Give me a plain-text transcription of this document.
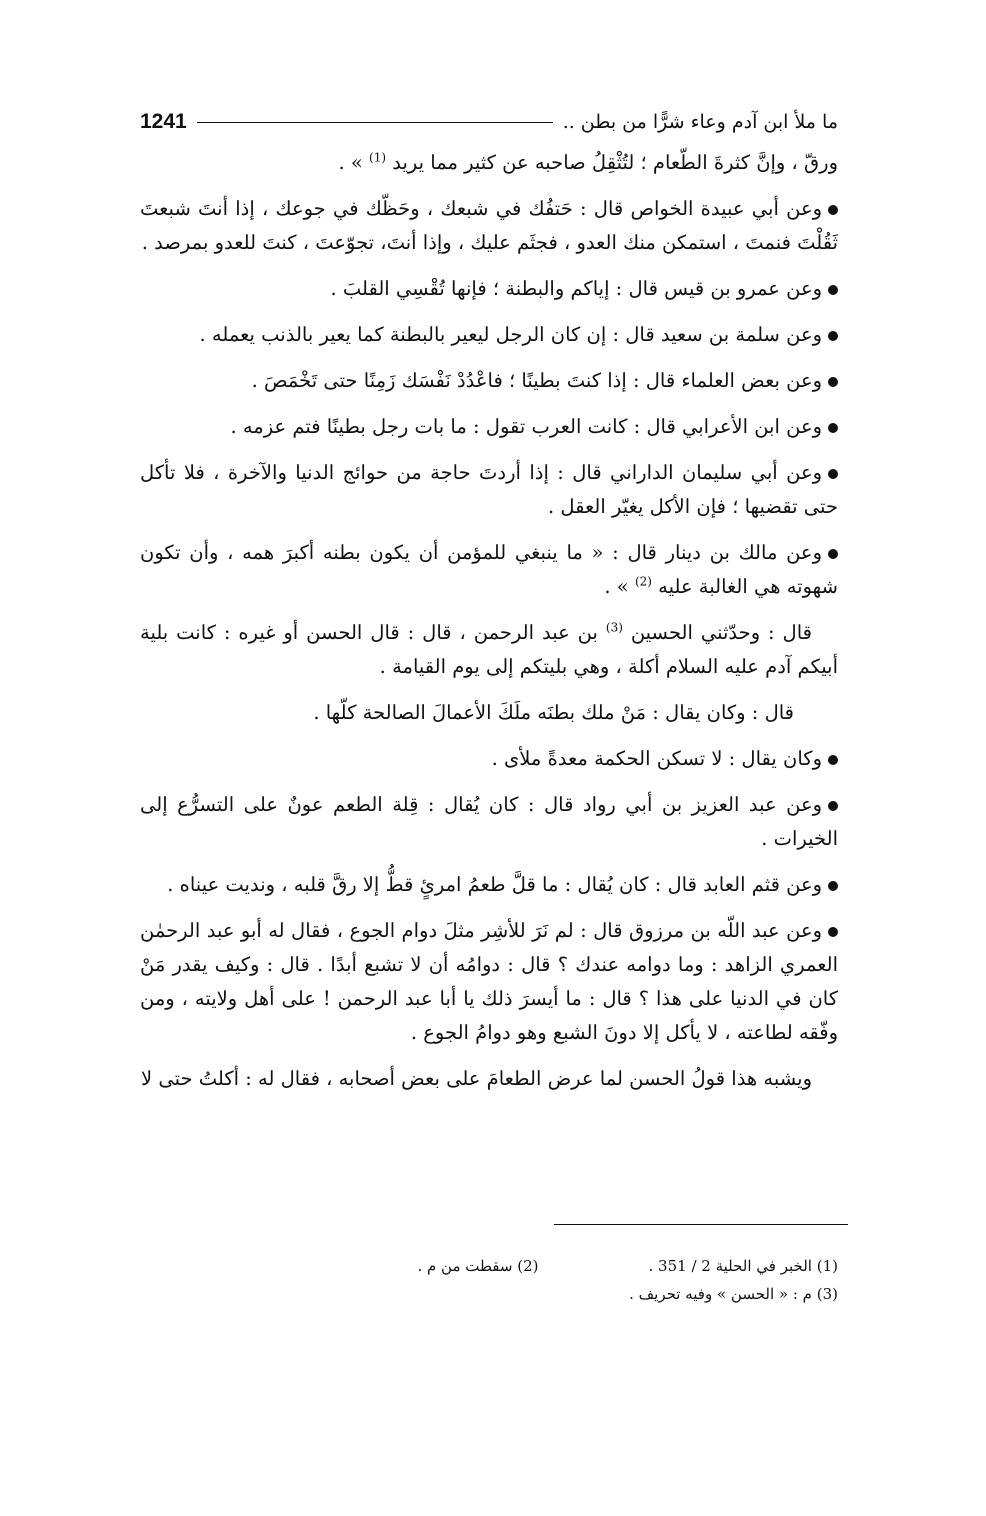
ما ملأ ابن آدم وعاء شرًّا من بطن ..
1241

ورقّ ، وإنَّ كثرةَ الطّعام ؛ لتُثْقِلُ صاحبه عن كثير مما يريد $^{(1)}$ » .

وعن أبي عبيدة الخواص قال : حَتفُك في شبعك ، وحَظّك في جوعك ، إذا أنتَ شبعتَ ثَقُلْتَ فنمتَ ، استمكن منك العدو ، فجثَم عليك ، وإذا أنتَ، تجوّعتَ ، كنتَ للعدو بمرصد .

وعن عمرو بن قيس قال : إياكم والبطنة ؛ فإنها تُقْسِي القلبَ .

وعن سلمة بن سعيد قال : إن كان الرجل ليعير بالبطنة كما يعير بالذنب يعمله .

وعن بعض العلماء قال : إذا كنتَ بطينًا ؛ فاعْدُدْ نَفْسَك زَمِنًا حتى تَخْمَصَ .

وعن ابن الأعرابي قال : كانت العرب تقول : ما بات رجل بطينًا فتم عزمه .

وعن أبي سليمان الداراني قال : إذا أردتَ حاجة من حوائج الدنيا والآخرة ، فلا تأكل حتى تقضيها ؛ فإن الأكل يغيّر العقل .

وعن مالك بن دينار قال : « ما ينبغي للمؤمن أن يكون بطنه أكبرَ همه ، وأن تكون شهوته هي الغالبة عليه $^{(2)}$ » .

قال : وحدّثني الحسين $^{(3)}$ بن عبد الرحمن ، قال : قال الحسن أو غيره : كانت بلية أبيكم آدم عليه السلام أكلة ، وهي بليتكم إلى يوم القيامة .

قال : وكان يقال : مَنْ ملك بطنَه ملَكَ الأعمالَ الصالحة كلّها .

وكان يقال : لا تسكن الحكمة معدةً ملأى .

وعن عبد العزيز بن أبي رواد قال : كان يُقال : قِلة الطعم عونٌ على التسرُّع إلى الخيرات .

وعن قثم العابد قال : كان يُقال : ما قلَّ طعمُ امرئٍ قطُّ إلا رقَّ قلبه ، ونديت عيناه .

وعن عبد اللّه بن مرزوق قال : لم نَرَ للأشِر مثلَ دوام الجوع ، فقال له أبو عبد الرحمٰن العمري الزاهد : وما دوامه عندك ؟ قال : دوامُه أن لا تشبع أبدًا . قال : وكيف يقدر مَنْ كان في الدنيا على هذا ؟ قال : ما أيسرَ ذلك يا أبا عبد الرحمن ! على أهل ولايته ، ومن وفّقه لطاعته ، لا يأكل إلا دونَ الشبع وهو دوامُ الجوع .

ويشبه هذا قولُ الحسن لما عرض الطعامَ على بعض أصحابه ، فقال له : أكلتُ حتى لا

(1) الخبر في الحلية 2 / 351 .
(2) سقطت من م .
(3) م : « الحسن » وفيه تحريف .
